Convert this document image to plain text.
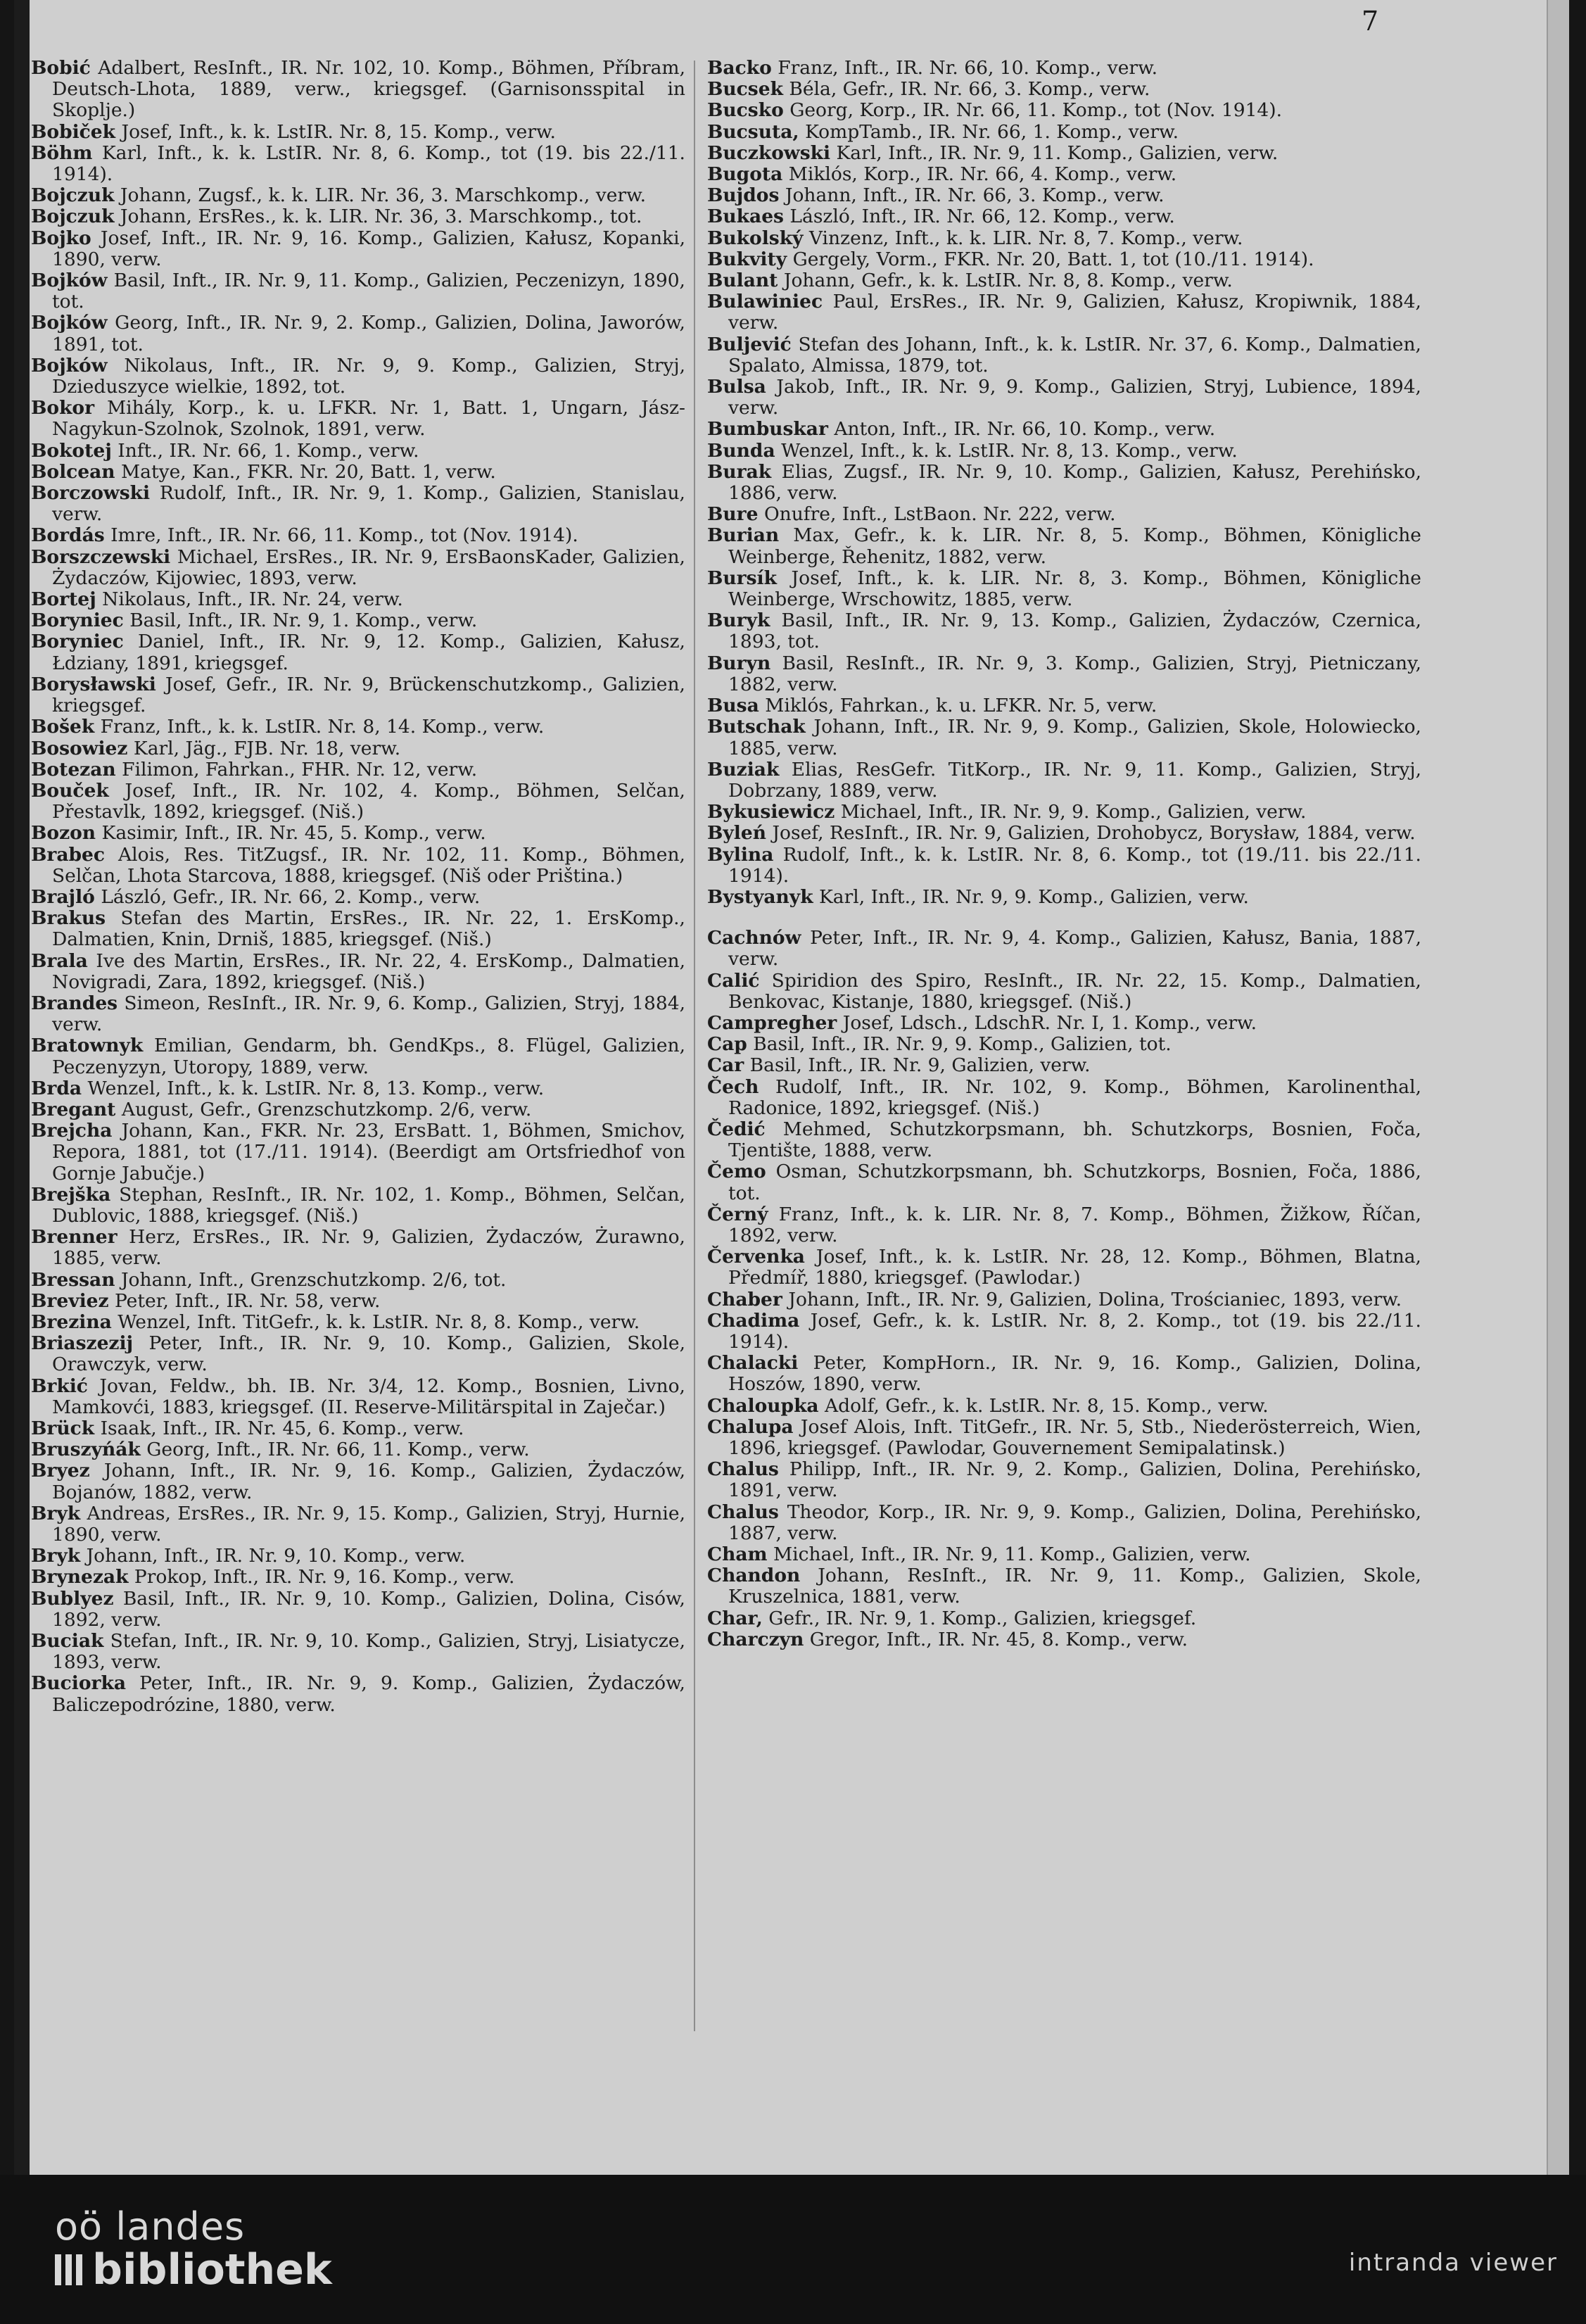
7
Bobić Adalbert, ResInft., IR. Nr. 102, 10. Komp., Böhmen, Příbram, Deutsch-Lhota, 1889, verw., kriegsgef. (Garnisonsspital in Skoplje.)
Bobiček Josef, Inft., k. k. LstIR. Nr. 8, 15. Komp., verw.
Böhm Karl, Inft., k. k. LstIR. Nr. 8, 6. Komp., tot (19. bis 22./11. 1914).
Bojczuk Johann, Zugsf., k. k. LIR. Nr. 36, 3. Marschkomp., verw.
Bojczuk Johann, ErsRes., k. k. LIR. Nr. 36, 3. Marschkomp., tot.
Bojko Josef, Inft., IR. Nr. 9, 16. Komp., Galizien, Kałusz, Kopanki, 1890, verw.
Bojków Basil, Inft., IR. Nr. 9, 11. Komp., Galizien, Peczenizyn, 1890, tot.
Bojków Georg, Inft., IR. Nr. 9, 2. Komp., Galizien, Dolina, Jaworów, 1891, tot.
Bojków Nikolaus, Inft., IR. Nr. 9, 9. Komp., Galizien, Stryj, Dzieduszyce wielkie, 1892, tot.
Bokor Mihály, Korp., k. u. LFKR. Nr. 1, Batt. 1, Ungarn, Jász-Nagykun-Szolnok, Szolnok, 1891, verw.
Bokotej Inft., IR. Nr. 66, 1. Komp., verw.
Bolcean Matye, Kan., FKR. Nr. 20, Batt. 1, verw.
Borczowski Rudolf, Inft., IR. Nr. 9, 1. Komp., Galizien, Stanislau, verw.
Bordás Imre, Inft., IR. Nr. 66, 11. Komp., tot (Nov. 1914).
Borszczewski Michael, ErsRes., IR. Nr. 9, ErsBaonsKader, Galizien, Żydaczów, Kijowiec, 1893, verw.
Bortej Nikolaus, Inft., IR. Nr. 24, verw.
Boryniec Basil, Inft., IR. Nr. 9, 1. Komp., verw.
Boryniec Daniel, Inft., IR. Nr. 9, 12. Komp., Galizien, Kałusz, Łdziany, 1891, kriegsgef.
Borysławski Josef, Gefr., IR. Nr. 9, Brückenschutzkomp., Galizien, kriegsgef.
Bošek Franz, Inft., k. k. LstIR. Nr. 8, 14. Komp., verw.
Bosowiez Karl, Jäg., FJB. Nr. 18, verw.
Botezan Filimon, Fahrkan., FHR. Nr. 12, verw.
Bouček Josef, Inft., IR. Nr. 102, 4. Komp., Böhmen, Selčan, Přestavlk, 1892, kriegsgef. (Niš.)
Bozon Kasimir, Inft., IR. Nr. 45, 5. Komp., verw.
Brabec Alois, Res. TitZugsf., IR. Nr. 102, 11. Komp., Böhmen, Selčan, Lhota Starcova, 1888, kriegsgef. (Niš oder Priština.)
Brajló László, Gefr., IR. Nr. 66, 2. Komp., verw.
Brakus Stefan des Martin, ErsRes., IR. Nr. 22, 1. ErsKomp., Dalmatien, Knin, Drniš, 1885, kriegsgef. (Niš.)
Brala Ive des Martin, ErsRes., IR. Nr. 22, 4. ErsKomp., Dalmatien, Novigradi, Zara, 1892, kriegsgef. (Niš.)
Brandes Simeon, ResInft., IR. Nr. 9, 6. Komp., Galizien, Stryj, 1884, verw.
Bratownyk Emilian, Gendarm, bh. GendKps., 8. Flügel, Galizien, Peczenyzyn, Utoropy, 1889, verw.
Brda Wenzel, Inft., k. k. LstIR. Nr. 8, 13. Komp., verw.
Bregant August, Gefr., Grenzschutzkomp. 2/6, verw.
Brejcha Johann, Kan., FKR. Nr. 23, ErsBatt. 1, Böhmen, Smichov, Repora, 1881, tot (17./11. 1914). (Beerdigt am Ortsfriedhof von Gornje Jabučje.)
Brejška Stephan, ResInft., IR. Nr. 102, 1. Komp., Böhmen, Selčan, Dublovic, 1888, kriegsgef. (Niš.)
Brenner Herz, ErsRes., IR. Nr. 9, Galizien, Żydaczów, Żurawno, 1885, verw.
Bressan Johann, Inft., Grenzschutzkomp. 2/6, tot.
Breviez Peter, Inft., IR. Nr. 58, verw.
Brezina Wenzel, Inft. TitGefr., k. k. LstIR. Nr. 8, 8. Komp., verw.
Briaszezij Peter, Inft., IR. Nr. 9, 10. Komp., Galizien, Skole, Orawczyk, verw.
Brkić Jovan, Feldw., bh. IB. Nr. 3/4, 12. Komp., Bosnien, Livno, Mamkovći, 1883, kriegsgef. (II. Reserve-Militärspital in Zaječar.)
Brück Isaak, Inft., IR. Nr. 45, 6. Komp., verw.
Bruszyńák Georg, Inft., IR. Nr. 66, 11. Komp., verw.
Bryez Johann, Inft., IR. Nr. 9, 16. Komp., Galizien, Żydaczów, Bojanów, 1882, verw.
Bryk Andreas, ErsRes., IR. Nr. 9, 15. Komp., Galizien, Stryj, Hurnie, 1890, verw.
Bryk Johann, Inft., IR. Nr. 9, 10. Komp., verw.
Brynezak Prokop, Inft., IR. Nr. 9, 16. Komp., verw.
Bublyez Basil, Inft., IR. Nr. 9, 10. Komp., Galizien, Dolina, Cisów, 1892, verw.
Buciak Stefan, Inft., IR. Nr. 9, 10. Komp., Galizien, Stryj, Lisiatycze, 1893, verw.
Buciorka Peter, Inft., IR. Nr. 9, 9. Komp., Galizien, Żydaczów, Baliczepodrózine, 1880, verw.
Backo Franz, Inft., IR. Nr. 66, 10. Komp., verw.
Bucsek Béla, Gefr., IR. Nr. 66, 3. Komp., verw.
Bucsko Georg, Korp., IR. Nr. 66, 11. Komp., tot (Nov. 1914).
Bucsuta, KompTamb., IR. Nr. 66, 1. Komp., verw.
Buczkowski Karl, Inft., IR. Nr. 9, 11. Komp., Galizien, verw.
Bugota Miklós, Korp., IR. Nr. 66, 4. Komp., verw.
Bujdos Johann, Inft., IR. Nr. 66, 3. Komp., verw.
Bukaes László, Inft., IR. Nr. 66, 12. Komp., verw.
Bukolský Vinzenz, Inft., k. k. LIR. Nr. 8, 7. Komp., verw.
Bukvity Gergely, Vorm., FKR. Nr. 20, Batt. 1, tot (10./11. 1914).
Bulant Johann, Gefr., k. k. LstIR. Nr. 8, 8. Komp., verw.
Bulawiniec Paul, ErsRes., IR. Nr. 9, Galizien, Kałusz, Kropiwnik, 1884, verw.
Buljević Stefan des Johann, Inft., k. k. LstIR. Nr. 37, 6. Komp., Dalmatien, Spalato, Almissa, 1879, tot.
Bulsa Jakob, Inft., IR. Nr. 9, 9. Komp., Galizien, Stryj, Lubience, 1894, verw.
Bumbuskar Anton, Inft., IR. Nr. 66, 10. Komp., verw.
Bunda Wenzel, Inft., k. k. LstIR. Nr. 8, 13. Komp., verw.
Burak Elias, Zugsf., IR. Nr. 9, 10. Komp., Galizien, Kałusz, Perehińsko, 1886, verw.
Bure Onufre, Inft., LstBaon. Nr. 222, verw.
Burian Max, Gefr., k. k. LIR. Nr. 8, 5. Komp., Böhmen, Königliche Weinberge, Řehenitz, 1882, verw.
Bursík Josef, Inft., k. k. LIR. Nr. 8, 3. Komp., Böhmen, Königliche Weinberge, Wrschowitz, 1885, verw.
Buryk Basil, Inft., IR. Nr. 9, 13. Komp., Galizien, Żydaczów, Czernica, 1893, tot.
Buryn Basil, ResInft., IR. Nr. 9, 3. Komp., Galizien, Stryj, Pietniczany, 1882, verw.
Busa Miklós, Fahrkan., k. u. LFKR. Nr. 5, verw.
Butschak Johann, Inft., IR. Nr. 9, 9. Komp., Galizien, Skole, Holowiecko, 1885, verw.
Buziak Elias, ResGefr. TitKorp., IR. Nr. 9, 11. Komp., Galizien, Stryj, Dobrzany, 1889, verw.
Bykusiewicz Michael, Inft., IR. Nr. 9, 9. Komp., Galizien, verw.
Byleń Josef, ResInft., IR. Nr. 9, Galizien, Drohobycz, Borysław, 1884, verw.
Bylina Rudolf, Inft., k. k. LstIR. Nr. 8, 6. Komp., tot (19./11. bis 22./11. 1914).
Bystyanyk Karl, Inft., IR. Nr. 9, 9. Komp., Galizien, verw.
Cachnów Peter, Inft., IR. Nr. 9, 4. Komp., Galizien, Kałusz, Bania, 1887, verw.
Calić Spiridion des Spiro, ResInft., IR. Nr. 22, 15. Komp., Dalmatien, Benkovac, Kistanje, 1880, kriegsgef. (Niš.)
Campregher Josef, Ldsch., LdschR. Nr. I, 1. Komp., verw.
Cap Basil, Inft., IR. Nr. 9, 9. Komp., Galizien, tot.
Car Basil, Inft., IR. Nr. 9, Galizien, verw.
Čech Rudolf, Inft., IR. Nr. 102, 9. Komp., Böhmen, Karolinenthal, Radonice, 1892, kriegsgef. (Niš.)
Čedić Mehmed, Schutzkorpsmann, bh. Schutzkorps, Bosnien, Foča, Tjentište, 1888, verw.
Čemo Osman, Schutzkorpsmann, bh. Schutzkorps, Bosnien, Foča, 1886, tot.
Černý Franz, Inft., k. k. LIR. Nr. 8, 7. Komp., Böhmen, Žižkow, Říčan, 1892, verw.
Červenka Josef, Inft., k. k. LstIR. Nr. 28, 12. Komp., Böhmen, Blatna, Předmíř, 1880, kriegsgef. (Pawlodar.)
Chaber Johann, Inft., IR. Nr. 9, Galizien, Dolina, Trościaniec, 1893, verw.
Chadima Josef, Gefr., k. k. LstIR. Nr. 8, 2. Komp., tot (19. bis 22./11. 1914).
Chalacki Peter, KompHorn., IR. Nr. 9, 16. Komp., Galizien, Dolina, Hoszów, 1890, verw.
Chaloupka Adolf, Gefr., k. k. LstIR. Nr. 8, 15. Komp., verw.
Chalupa Josef Alois, Inft. TitGefr., IR. Nr. 5, Stb., Niederösterreich, Wien, 1896, kriegsgef. (Pawlodar, Gouvernement Semipalatinsk.)
Chalus Philipp, Inft., IR. Nr. 9, 2. Komp., Galizien, Dolina, Perehińsko, 1891, verw.
Chalus Theodor, Korp., IR. Nr. 9, 9. Komp., Galizien, Dolina, Perehińsko, 1887, verw.
Cham Michael, Inft., IR. Nr. 9, 11. Komp., Galizien, verw.
Chandon Johann, ResInft., IR. Nr. 9, 11. Komp., Galizien, Skole, Kruszelnica, 1881, verw.
Char, Gefr., IR. Nr. 9, 1. Komp., Galizien, kriegsgef.
Charczyn Gregor, Inft., IR. Nr. 45, 8. Komp., verw.
oö landes
bibliothek	intranda viewer
